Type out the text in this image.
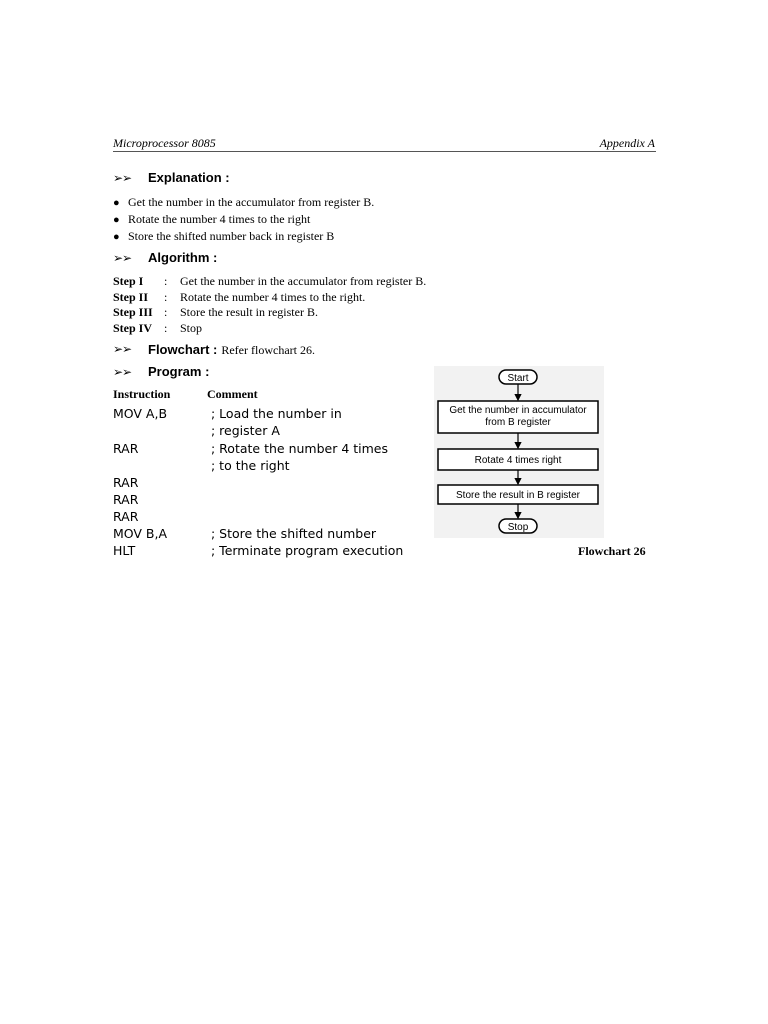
Microprocessor 8085	Appendix A
➢➢ Explanation :
● Get the number in the accumulator from register B.
● Rotate the number 4 times to the right
● Store the shifted number back in register B
➢➢ Algorithm :
Step I : Get the number in the accumulator from register B.
Step II : Rotate the number 4 times to the right.
Step III : Store the result in register B.
Step IV : Stop
➢➢ Flowchart : Refer flowchart 26.
➢➢ Program :
Instruction	Comment
MOV A,B	; Load the number in
; register A
RAR	; Rotate the number 4 times
; to the right
RAR
RAR
RAR
MOV B,A	; Store the shifted number
HLT	; Terminate program execution
Start
Get the number in accumulator
from B register
Rotate 4 times right
Store the result in B register
Stop
Flowchart 26
